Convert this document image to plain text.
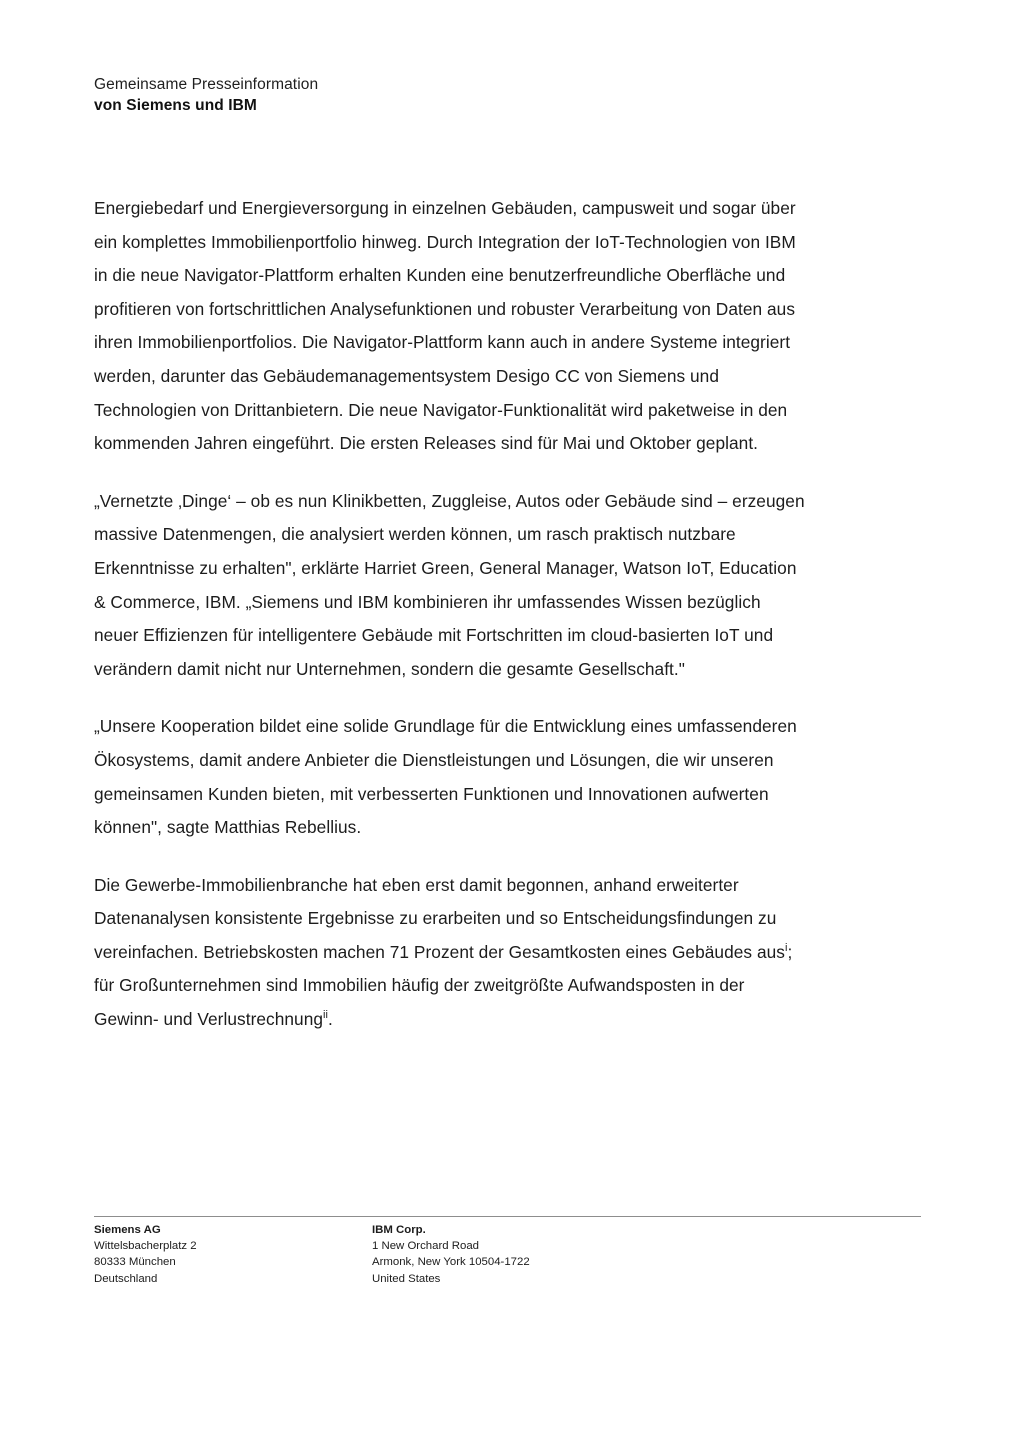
Gemeinsame Presseinformation
von Siemens und IBM

Energiebedarf und Energieversorgung in einzelnen Gebäuden, campusweit und sogar über ein komplettes Immobilienportfolio hinweg. Durch Integration der IoT-Technologien von IBM in die neue Navigator-Plattform erhalten Kunden eine benutzerfreundliche Oberfläche und profitieren von fortschrittlichen Analysefunktionen und robuster Verarbeitung von Daten aus ihren Immobilienportfolios. Die Navigator-Plattform kann auch in andere Systeme integriert werden, darunter das Gebäudemanagementsystem Desigo CC von Siemens und Technologien von Drittanbietern. Die neue Navigator-Funktionalität wird paketweise in den kommenden Jahren eingeführt. Die ersten Releases sind für Mai und Oktober geplant.

„Vernetzte ‚Dinge‘ – ob es nun Klinikbetten, Zuggleise, Autos oder Gebäude sind – erzeugen massive Datenmengen, die analysiert werden können, um rasch praktisch nutzbare Erkenntnisse zu erhalten", erklärte Harriet Green, General Manager, Watson IoT, Education & Commerce, IBM. „Siemens und IBM kombinieren ihr umfassendes Wissen bezüglich neuer Effizienzen für intelligentere Gebäude mit Fortschritten im cloud-basierten IoT und verändern damit nicht nur Unternehmen, sondern die gesamte Gesellschaft."

„Unsere Kooperation bildet eine solide Grundlage für die Entwicklung eines umfassenderen Ökosystems, damit andere Anbieter die Dienstleistungen und Lösungen, die wir unseren gemeinsamen Kunden bieten, mit verbesserten Funktionen und Innovationen aufwerten können", sagte Matthias Rebellius.

Die Gewerbe-Immobilienbranche hat eben erst damit begonnen, anhand erweiterter Datenanalysen konsistente Ergebnisse zu erarbeiten und so Entscheidungsfindungen zu vereinfachen. Betriebskosten machen 71 Prozent der Gesamtkosten eines Gebäudes aus$^i$; für Großunternehmen sind Immobilien häufig der zweitgrößte Aufwandsposten in der Gewinn- und Verlustrechnung$^{ii}$.

Siemens AG
Wittelsbacherplatz 2
80333 München
Deutschland
IBM Corp.
1 New Orchard Road
Armonk, New York 10504-1722
United States
